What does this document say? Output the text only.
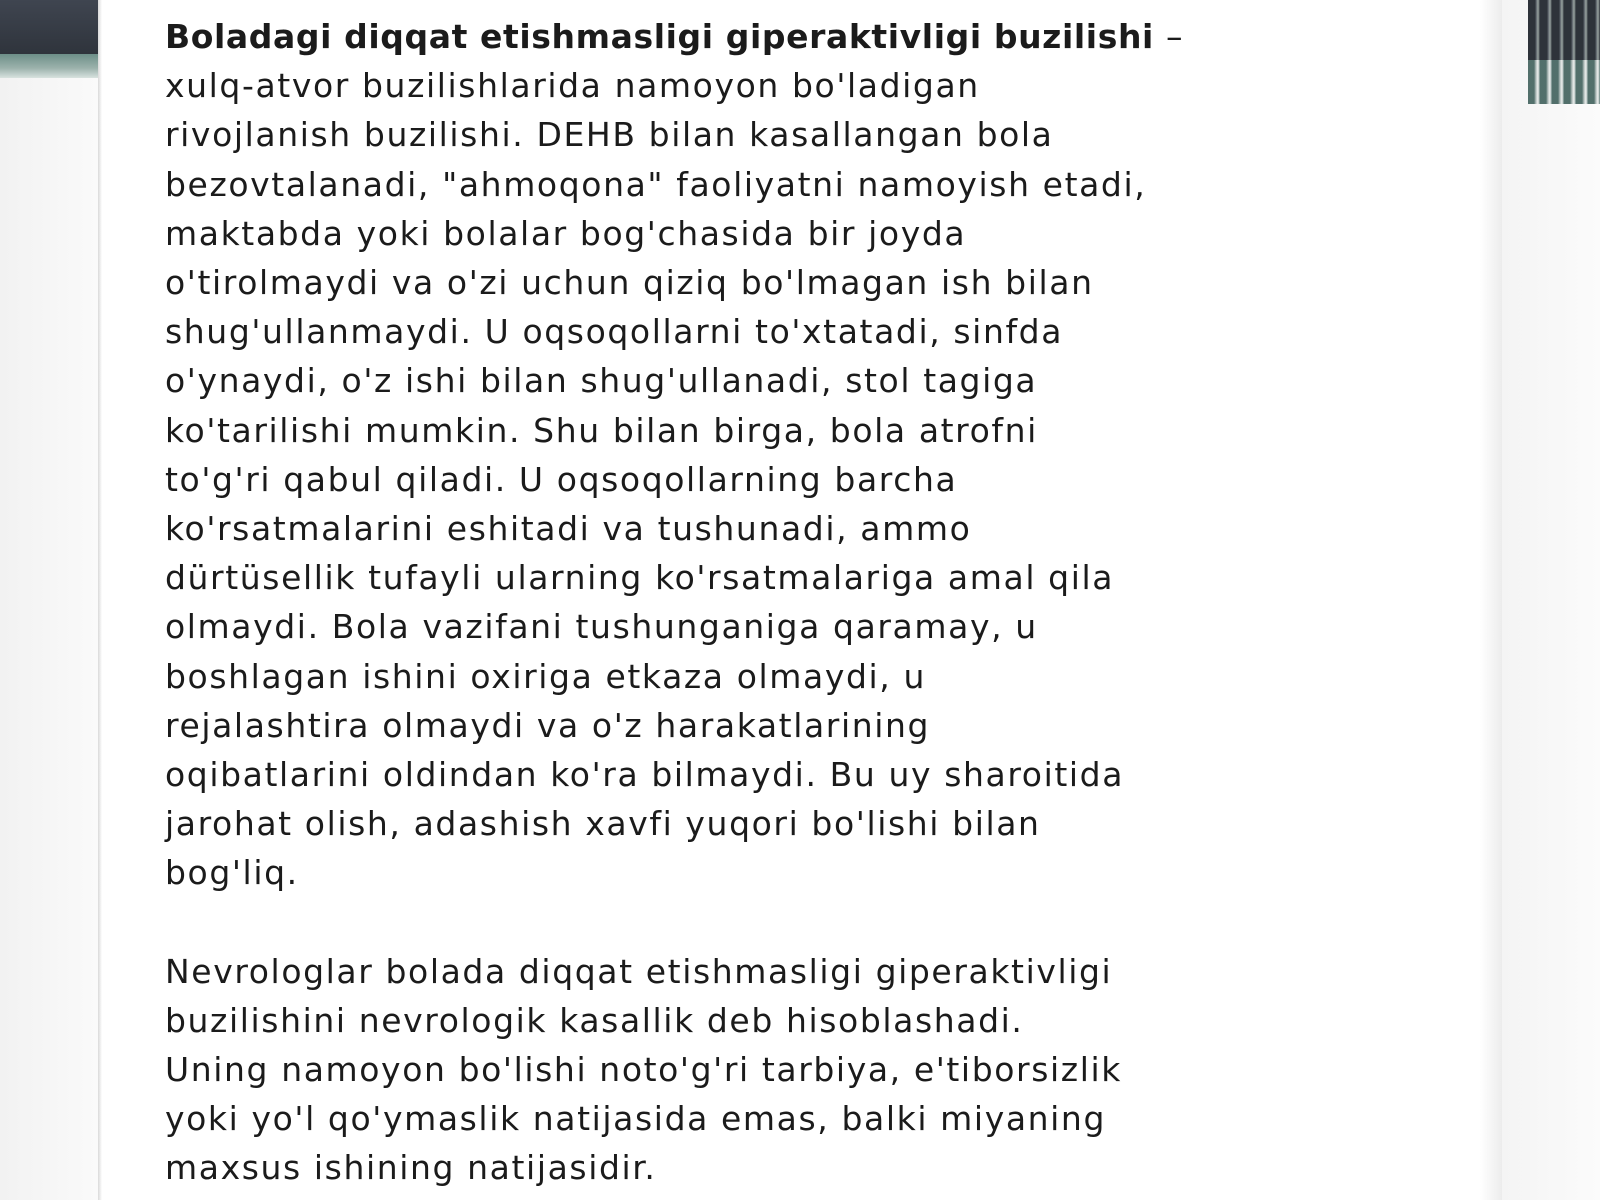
Boladagi diqqat etishmasligi giperaktivligi buzilishi –
xulq-atvor buzilishlarida namoyon bo'ladigan
rivojlanish buzilishi. DEHB bilan kasallangan bola
bezovtalanadi, "ahmoqona" faoliyatni namoyish etadi,
maktabda yoki bolalar bog'chasida bir joyda
o'tirolmaydi va o'zi uchun qiziq bo'lmagan ish bilan
shug'ullanmaydi. U oqsoqollarni to'xtatadi, sinfda
o'ynaydi, o'z ishi bilan shug'ullanadi, stol tagiga
ko'tarilishi mumkin. Shu bilan birga, bola atrofni
to'g'ri qabul qiladi. U oqsoqollarning barcha
ko'rsatmalarini eshitadi va tushunadi, ammo
dürtüsellik tufayli ularning ko'rsatmalariga amal qila
olmaydi. Bola vazifani tushunganiga qaramay, u
boshlagan ishini oxiriga etkaza olmaydi, u
rejalashtira olmaydi va o'z harakatlarining
oqibatlarini oldindan ko'ra bilmaydi. Bu uy sharoitida
jarohat olish, adashish xavfi yuqori bo'lishi bilan
bog'liq.

Nevrologlar bolada diqqat etishmasligi giperaktivligi
buzilishini nevrologik kasallik deb hisoblashadi.
Uning namoyon bo'lishi noto'g'ri tarbiya, e'tiborsizlik
yoki yo'l qo'ymaslik natijasida emas, balki miyaning
maxsus ishining natijasidir.
